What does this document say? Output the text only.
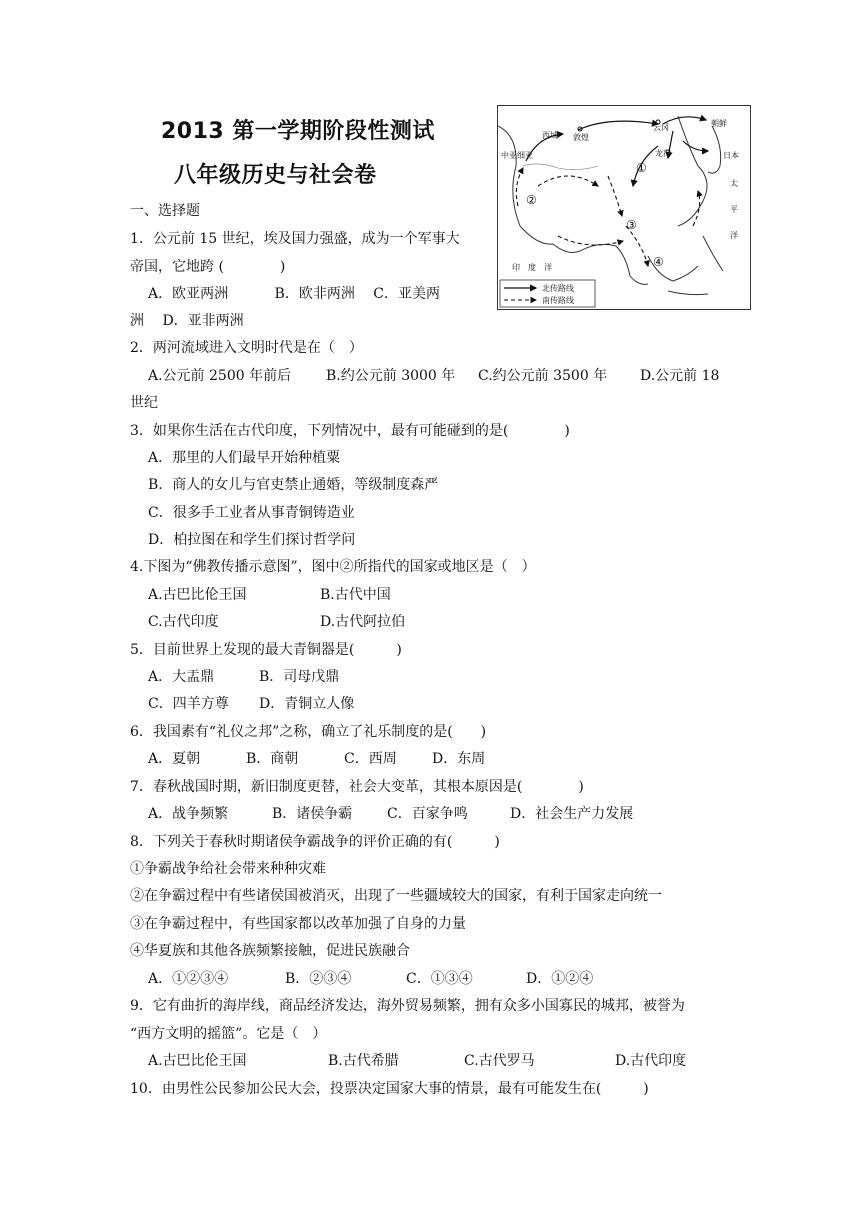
2013 第一学期阶段性测试
八年级历史与社会卷
一、选择题
中亚细亚
西域 敦煌
云冈	朝鲜
龙门	日本
太
平
洋
印　度　洋
①
②
③
④
北传路线
南传路线
1．公元前 15 世纪，埃及国力强盛，成为一个军事大
帝国，它地跨 (　　　　)
A．欧亚两洲　　　 B．欧非两洲　 C．亚美两
洲　 D．亚非两洲
2．两河流域进入文明时代是在（　）
A.公元前 2500 年前后 B.约公元前 3000 年 C.约公元前 3500 年 D.公元前 18
世纪
3．如果你生活在古代印度，下列情况中，最有可能碰到的是(　　　　)
A．那里的人们最早开始种植粟
B．商人的女儿与官吏禁止通婚，等级制度森严
C．很多手工业者从事青铜铸造业
D．柏拉图在和学生们探讨哲学问
4.下图为“佛教传播示意图”，图中②所指代的国家或地区是（　）
A.古巴比伦王国	B.古代中国
C.古代印度	D.古代阿拉伯
5．目前世界上发现的最大青铜器是(　　　)
A．大盂鼎	B．司母戊鼎
C．四羊方尊 D．青铜立人像
6．我国素有“礼仪之邦”之称，确立了礼乐制度的是(　　)
A．夏朝	B．商朝	C．西周	D．东周
7．春秋战国时期，新旧制度更替，社会大变革，其根本原因是(　　　　)
A．战争频繁	B．诸侯争霸 C．百家争鸣	D．社会生产力发展
8．下列关于春秋时期诸侯争霸战争的评价正确的有(　　　)
①争霸战争给社会带来种种灾难
②在争霸过程中有些诸侯国被消灭，出现了一些疆域较大的国家，有利于国家走向统一
③在争霸过程中，有些国家都以改革加强了自身的力量
④华夏族和其他各族频繁接触，促进民族融合
A．①②③④	B．②③④	C．①③④	D．①②④
9．它有曲折的海岸线，商品经济发达，海外贸易频繁，拥有众多小国寡民的城邦，被誉为
“西方文明的摇篮”。它是（　）
A.古巴比伦王国	B.古代希腊	C.古代罗马	D.古代印度
10．由男性公民参加公民大会，投票决定国家大事的情景，最有可能发生在(　　　)
